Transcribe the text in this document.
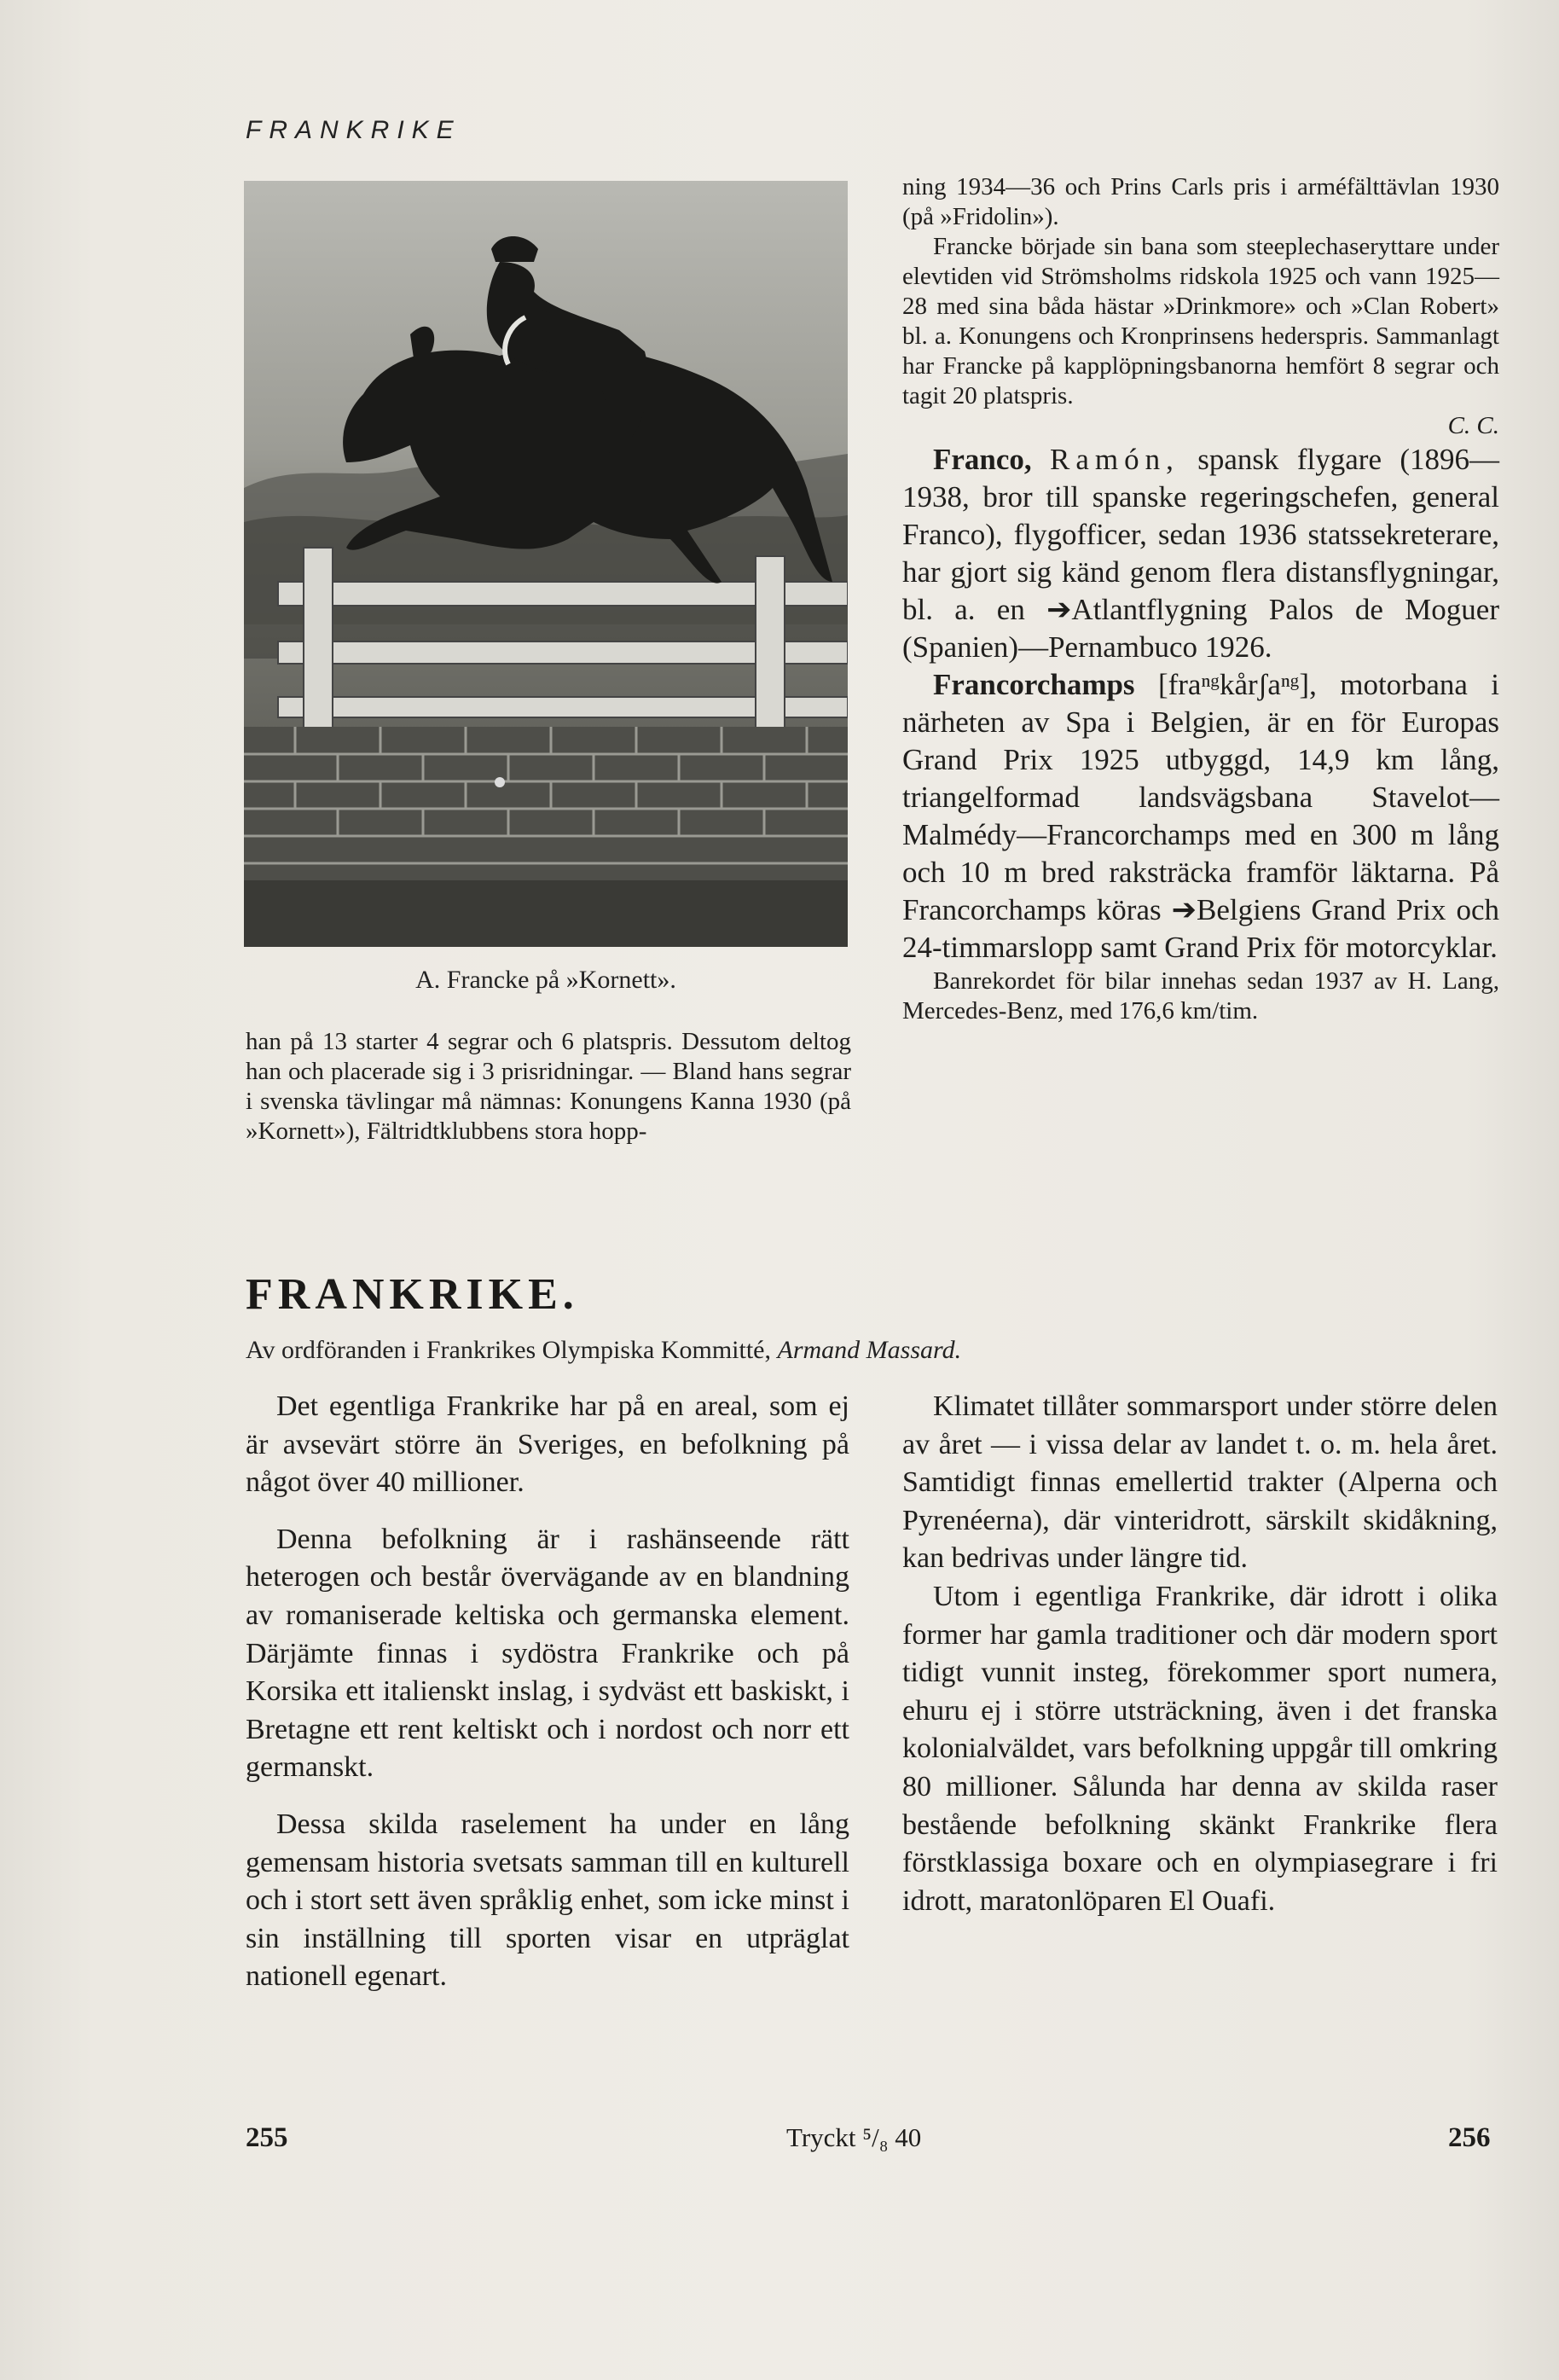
FRANKRIKE
A. Francke på »Kornett».

han på 13 starter 4 segrar och 6 platspris. Dessutom deltog han och placerade sig i 3 prisridningar. — Bland hans segrar i svenska tävlingar må nämnas: Konungens Kanna 1930 (på »Kornett»), Fältridtklubbens stora hopp-

ning 1934—36 och Prins Carls pris i arméfälttävlan 1930 (på »Fridolin»).

Francke började sin bana som steeplechaseryttare under elevtiden vid Strömsholms ridskola 1925 och vann 1925—28 med sina båda hästar »Drinkmore» och »Clan Robert» bl. a. Konungens och Kronprinsens hederspris. Sammanlagt har Francke på kapplöpningsbanorna hemfört 8 segrar och tagit 20 platspris.

C. C.

Franco, Ramón, spansk flygare (1896—1938, bror till spanske regeringschefen, general Franco), flygofficer, sedan 1936 statssekreterare, har gjort sig känd genom flera distansflygningar, bl. a. en ➔Atlantflygning Palos de Moguer (Spanien)—Pernambuco 1926.

Francorchamps [fraⁿᵍkårʃaⁿᵍ], motorbana i närheten av Spa i Belgien, är en för Europas Grand Prix 1925 utbyggd, 14,9 km lång, triangelformad landsvägsbana Stavelot—Malmédy—Francorchamps med en 300 m lång och 10 m bred raksträcka framför läktarna. På Francorchamps köras ➔Belgiens Grand Prix och 24-timmarslopp samt Grand Prix för motorcyklar.

Banrekordet för bilar innehas sedan 1937 av H. Lang, Mercedes-Benz, med 176,6 km/tim.

FRANKRIKE.
Av ordföranden i Frankrikes Olympiska Kommitté, Armand Massard.

Det egentliga Frankrike har på en areal, som ej är avsevärt större än Sveriges, en befolkning på något över 40 millioner.

Denna befolkning är i rashänseende rätt heterogen och består övervägande av en blandning av romaniserade keltiska och germanska element. Därjämte finnas i sydöstra Frankrike och på Korsika ett italienskt inslag, i sydväst ett baskiskt, i Bretagne ett rent keltiskt och i nordost och norr ett germanskt.

Dessa skilda raselement ha under en lång gemensam historia svetsats samman till en kulturell och i stort sett även språklig enhet, som icke minst i sin inställning till sporten visar en utpräglat nationell egenart.

Klimatet tillåter sommarsport under större delen av året — i vissa delar av landet t. o. m. hela året. Samtidigt finnas emellertid trakter (Alperna och Pyrenéerna), där vinteridrott, särskilt skidåkning, kan bedrivas under längre tid.

Utom i egentliga Frankrike, där idrott i olika former har gamla traditioner och där modern sport tidigt vunnit insteg, förekommer sport numera, ehuru ej i större utsträckning, även i det franska kolonialväldet, vars befolkning uppgår till omkring 80 millioner. Sålunda har denna av skilda raser bestående befolkning skänkt Frankrike flera förstklassiga boxare och en olympiasegrare i fri idrott, maratonlöparen El Ouafi.

255	Tryckt ⁵/₈ 40	256
